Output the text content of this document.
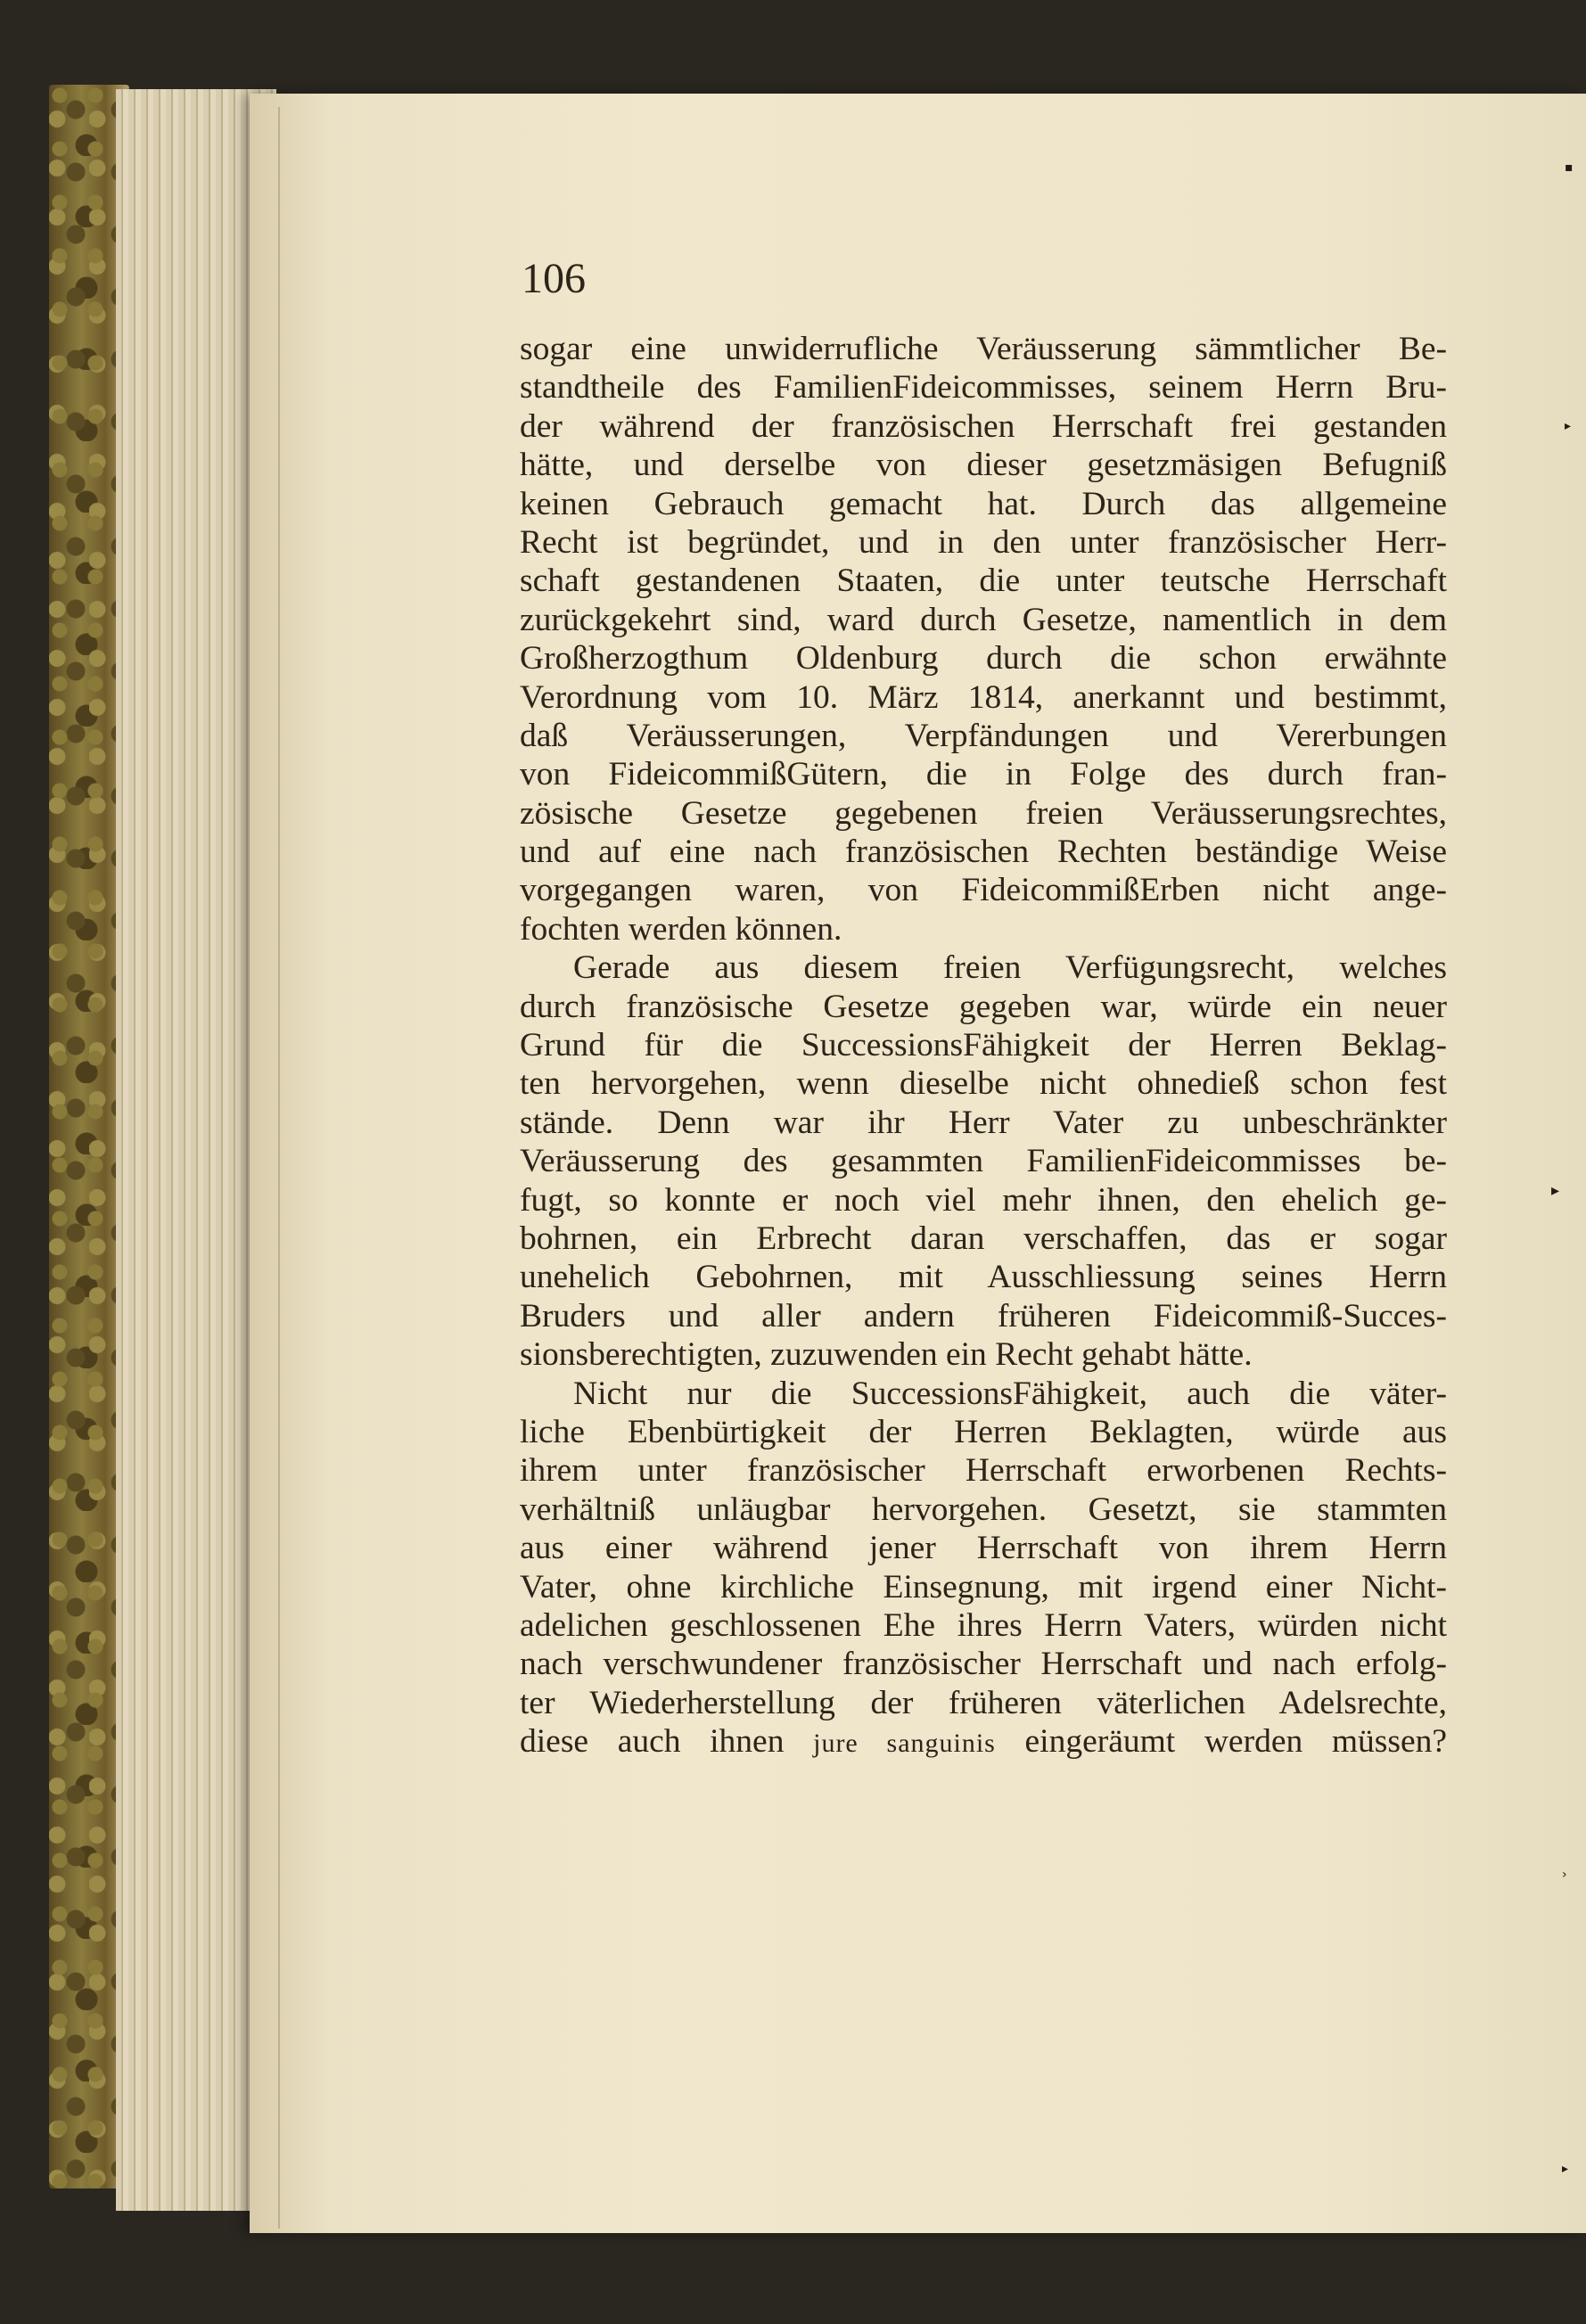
106
sogar eine unwiderrufliche Veräusserung sämmtlicher Be-
standtheile des FamilienFideicommisses, seinem Herrn Bru-
der während der französischen Herrschaft frei gestanden
hätte, und derselbe von dieser gesetzmäsigen Befugniß
keinen Gebrauch gemacht hat. Durch das allgemeine
Recht ist begründet, und in den unter französischer Herr-
schaft gestandenen Staaten, die unter teutsche Herrschaft
zurückgekehrt sind, ward durch Gesetze, namentlich in dem
Großherzogthum Oldenburg durch die schon erwähnte
Verordnung vom 10. März 1814, anerkannt und bestimmt,
daß Veräusserungen, Verpfändungen und Vererbungen
von FideicommißGütern, die in Folge des durch fran-
zösische Gesetze gegebenen freien Veräusserungsrechtes,
und auf eine nach französischen Rechten beständige Weise
vorgegangen waren, von FideicommißErben nicht ange-
fochten werden können.
Gerade aus diesem freien Verfügungsrecht, welches
durch französische Gesetze gegeben war, würde ein neuer
Grund für die SuccessionsFähigkeit der Herren Beklag-
ten hervorgehen, wenn dieselbe nicht ohnedieß schon fest
stände. Denn war ihr Herr Vater zu unbeschränkter
Veräusserung des gesammten FamilienFideicommisses be-
fugt, so konnte er noch viel mehr ihnen, den ehelich ge-
bohrnen, ein Erbrecht daran verschaffen, das er sogar
unehelich Gebohrnen, mit Ausschliessung seines Herrn
Bruders und aller andern früheren Fideicommiß-Succes-
sionsberechtigten, zuzuwenden ein Recht gehabt hätte.
Nicht nur die SuccessionsFähigkeit, auch die väter-
liche Ebenbürtigkeit der Herren Beklagten, würde aus
ihrem unter französischer Herrschaft erworbenen Rechts-
verhältniß unläugbar hervorgehen. Gesetzt, sie stammten
aus einer während jener Herrschaft von ihrem Herrn
Vater, ohne kirchliche Einsegnung, mit irgend einer Nicht-
adelichen geschlossenen Ehe ihres Herrn Vaters, würden nicht
nach verschwundener französischer Herrschaft und nach erfolg-
ter Wiederherstellung der früheren väterlichen Adelsrechte,
diese auch ihnen jure sanguinis eingeräumt werden müssen?
▪
▸
▸
›
▸
